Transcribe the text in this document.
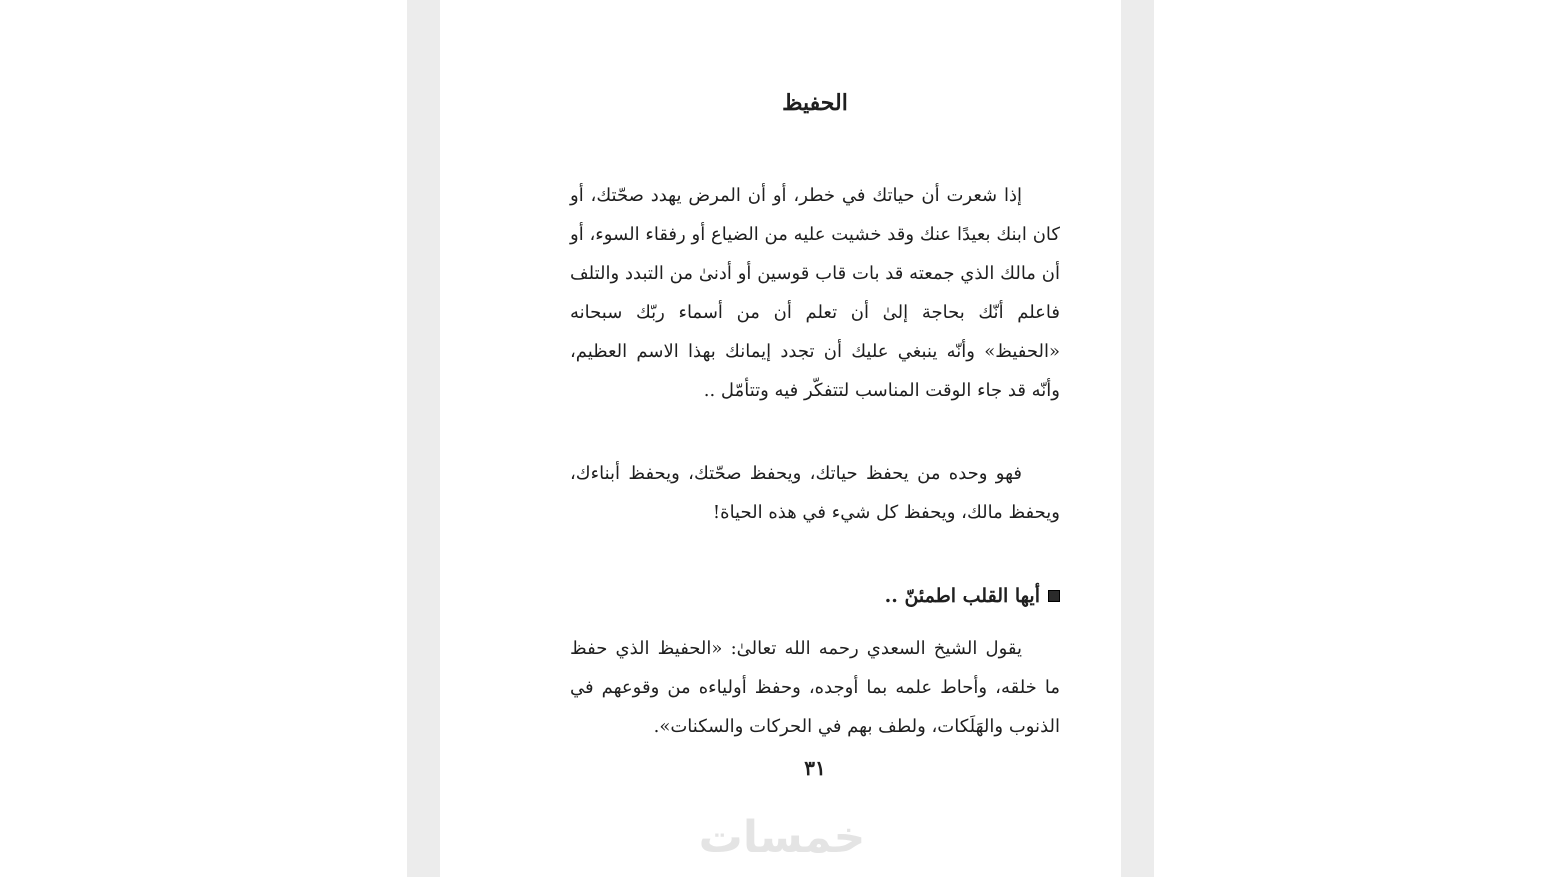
الحفيظ
إذا شعرت أن حياتك في خطر، أو أن المرض يهدد صحّتك، أو كان ابنك بعيدًا عنك وقد خشيت عليه من الضياع أو رفقاء السوء، أو أن مالك الذي جمعته قد بات قاب قوسين أو أدنىٰ من التبدد والتلف فاعلم أنّك بحاجة إلىٰ أن تعلم أن من أسماء ربّك سبحانه «الحفيظ» وأنّه ينبغي عليك أن تجدد إيمانك بهذا الاسم العظيم، وأنّه قد جاء الوقت المناسب لتتفكّر فيه وتتأمّل ..
فهو وحده من يحفظ حياتك، ويحفظ صحّتك، ويحفظ أبناءك، ويحفظ مالك، ويحفظ كل شيء في هذه الحياة!
أيها القلب اطمئنّ ..
يقول الشيخ السعدي رحمه الله تعالىٰ: «الحفيظ الذي حفظ ما خلقه، وأحاط علمه بما أوجده، وحفظ أولياءه من وقوعهم في الذنوب والهَلَكات، ولطف بهم في الحركات والسكنات».
٣١
خمسات
